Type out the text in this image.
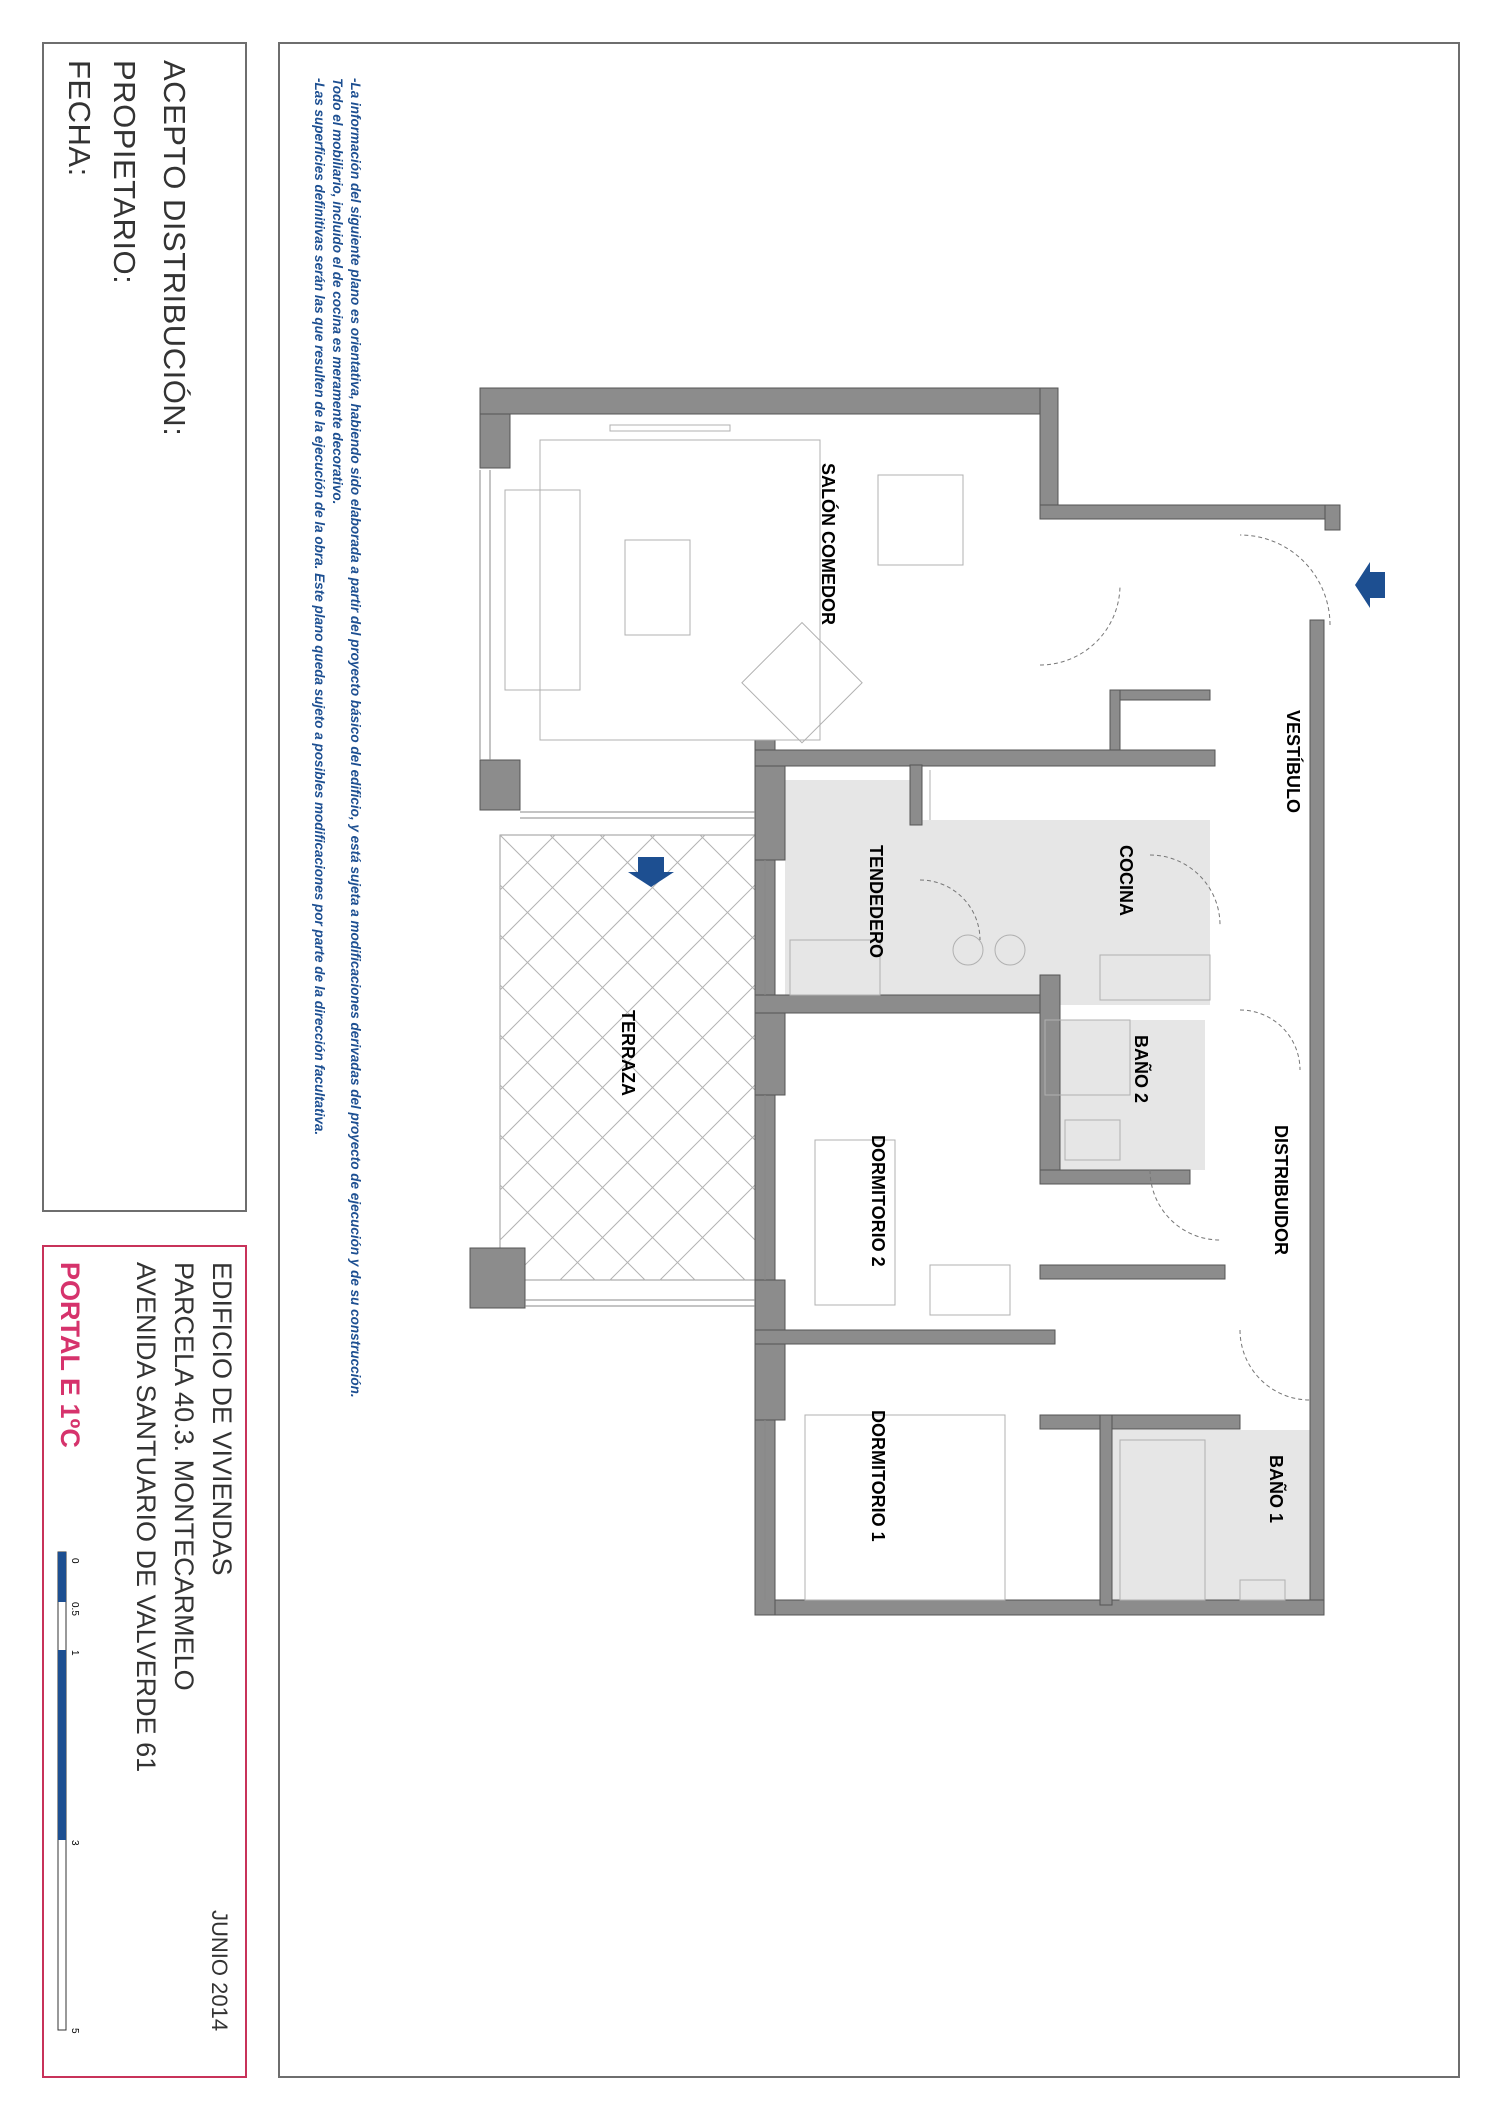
ACEPTO DISTRIBUCIÓN:
PROPIETARIO:
FECHA:	-La información del siguiente plano es orientativa, habiendo sido elaborada a partir del proyecto básico del edificio, y está sujeta a modificaciones derivadas del proyecto de ejecución y de su construcción.
Todo el mobiliario, incluido el de cocina es meramente decorativo.
-Las superficies definitivas serán las que resulten de la ejecución de la obra. Este plano queda sujeto a posibles modificaciones por parte de la dirección facultativa.
EDIFICIO DE VIVIENDAS
PARCELA 40.3. MONTECARMELO
AVENIDA SANTUARIO DE VALVERDE 61
JUNIO 2014
PORTAL E 1ºC
0
0.5
1
3
5
SALÓN COMEDOR
VESTÍBULO
COCINA
TENDEDERO
TERRAZA	BAÑO 2
DISTRIBUIDOR
DORMITORIO 2
DORMITORIO 1	BAÑO 1
